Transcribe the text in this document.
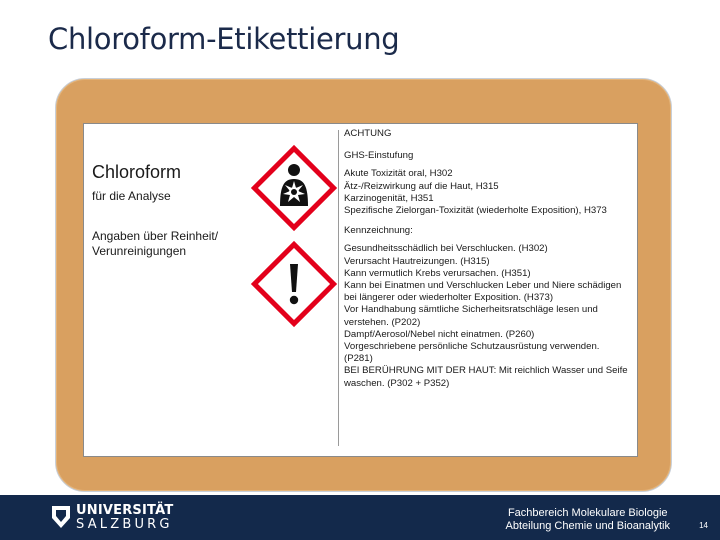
Chloroform-Etikettierung

Chloroform

für die Analyse

Angaben über Reinheit/ Verunreinigungen

ACHTUNG

GHS-Einstufung

Akute Toxizität oral, H302

Ätz-/Reizwirkung auf die Haut, H315

Karzinogenität, H351

Spezifische Zielorgan-Toxizität (wiederholte Exposition), H373

Kennzeichnung:

Gesundheitsschädlich bei Verschlucken. (H302)

Verursacht Hautreizungen. (H315)

Kann vermutlich Krebs verursachen. (H351)

Kann bei Einatmen und Verschlucken Leber und Niere schädigen bei längerer oder wiederholter Exposition. (H373)

Vor Handhabung sämtliche Sicherheitsratschläge lesen und verstehen. (P202)

Dampf/Aerosol/Nebel nicht einatmen. (P260)

Vorgeschriebene persönliche Schutzausrüstung verwenden. (P281)

BEI BERÜHRUNG MIT DER HAUT: Mit reichlich Wasser und Seife waschen. (P302 + P352)

UNIVERSITÄT
SALZBURG
Fachbereich Molekulare Biologie
Abteilung Chemie und Bioanalytik	14
